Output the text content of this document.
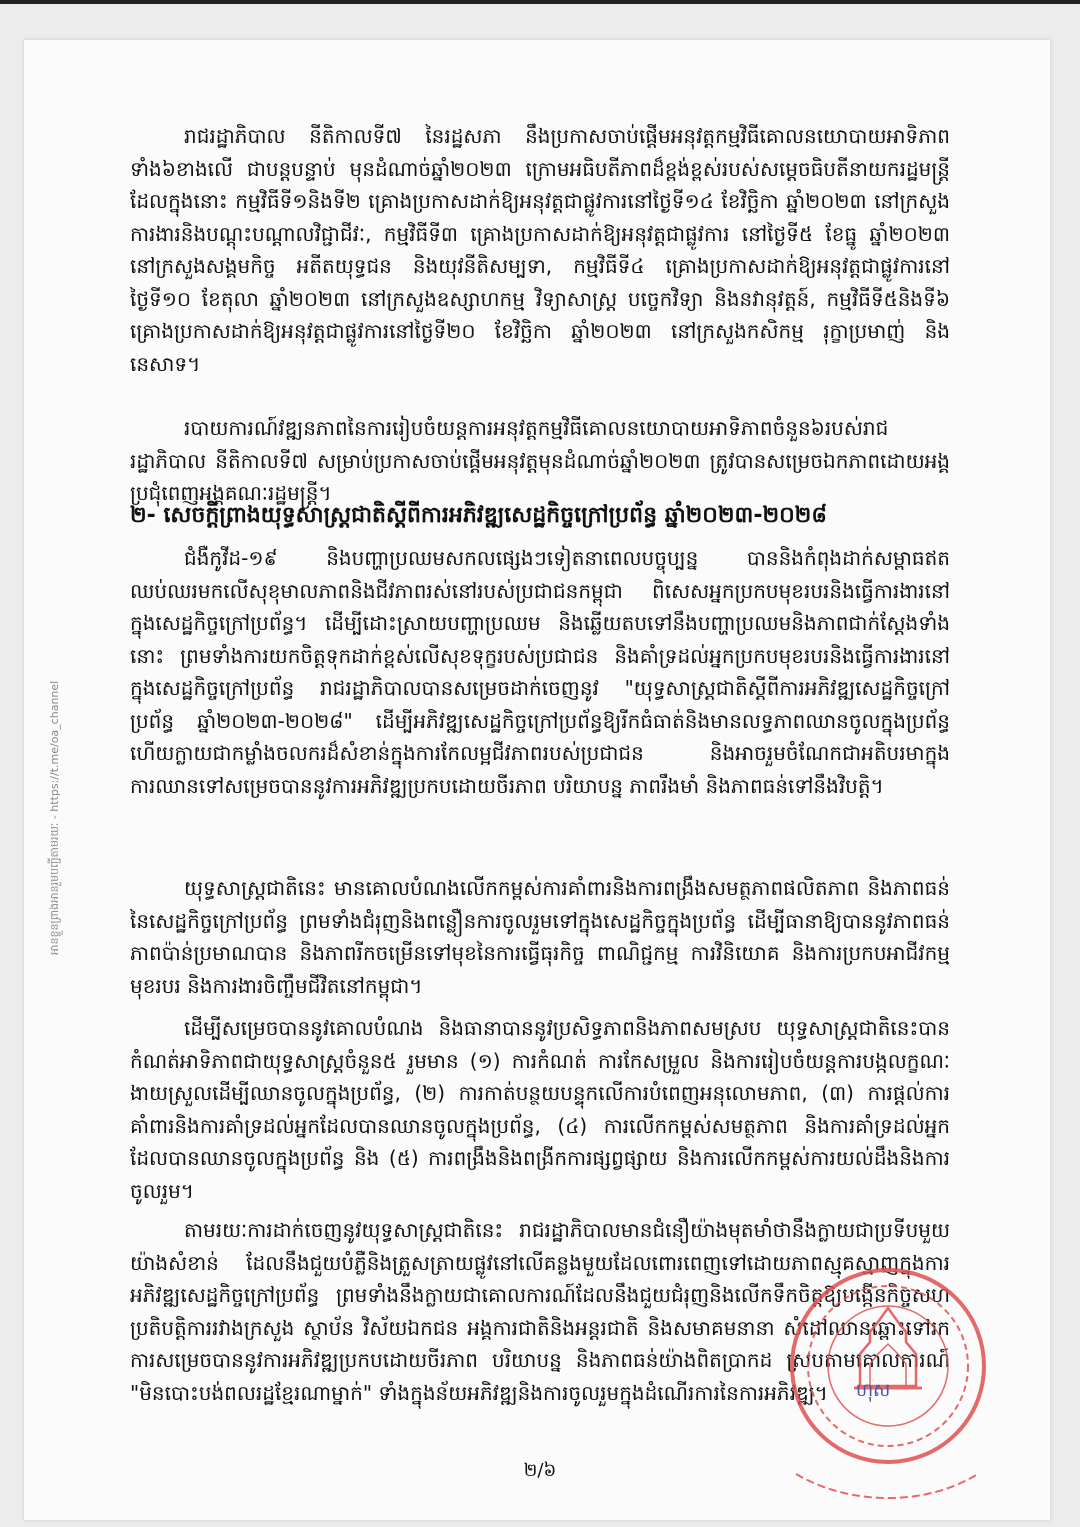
អានខ្លួនព្រាងអានរួមបញ្ជីតាមរយៈ - https://t.me/oa_channel

រាជរដ្ឋាភិបាល នីតិកាលទី៧ នៃរដ្ឋសភា នឹងប្រកាសចាប់ផ្តើមអនុវត្តកម្មវិធីគោលនយោបាយអាទិភាពទាំង៦ខាងលើ ជាបន្តបន្ទាប់ មុនដំណាច់ឆ្នាំ២០២៣ ក្រោមអធិបតីភាពដ៏ខ្ពង់ខ្ពស់របស់សម្តេចធិបតីនាយករដ្ឋមន្ត្រី ដែលក្នុងនោះ កម្មវិធីទី១និងទី២ គ្រោងប្រកាសដាក់ឱ្យអនុវត្តជាផ្លូវការនៅថ្ងៃទី១៤ ខែវិច្ឆិកា ឆ្នាំ២០២៣ នៅក្រសួងការងារនិងបណ្តុះបណ្តាលវិជ្ជាជីវៈ, កម្មវិធីទី៣ គ្រោងប្រកាសដាក់ឱ្យអនុវត្តជាផ្លូវការ នៅថ្ងៃទី៥ ខែធ្នូ ឆ្នាំ២០២៣ នៅក្រសួងសង្គមកិច្ច អតីតយុទ្ធជន និងយុវនីតិសម្បទា, កម្មវិធីទី៤ គ្រោងប្រកាសដាក់ឱ្យអនុវត្តជាផ្លូវការនៅថ្ងៃទី១០ ខែតុលា ឆ្នាំ២០២៣ នៅក្រសួងឧស្សាហកម្ម វិទ្យាសាស្ត្រ បច្ចេកវិទ្យា និងនវានុវត្តន៍, កម្មវិធីទី៥និងទី៦ គ្រោងប្រកាសដាក់ឱ្យអនុវត្តជាផ្លូវការនៅថ្ងៃទី២០ ខែវិច្ឆិកា ឆ្នាំ២០២៣ នៅក្រសួងកសិកម្ម រុក្ខាប្រមាញ់ និងនេសាទ។

របាយការណ៍វឌ្ឍនភាពនៃការរៀបចំយន្តការអនុវត្តកម្មវិធីគោលនយោបាយអាទិភាពចំនួន៦របស់រាជរដ្ឋាភិបាល នីតិកាលទី៧ សម្រាប់ប្រកាសចាប់ផ្តើមអនុវត្តមុនដំណាច់ឆ្នាំ២០២៣ ត្រូវបានសម្រេចឯកភាពដោយអង្គប្រជុំពេញអង្គគណៈរដ្ឋមន្ត្រី។

២- សេចក្តីព្រាងយុទ្ធសាស្ត្រជាតិស្តីពីការអភិវឌ្ឍសេដ្ឋកិច្ចក្រៅប្រព័ន្ធ ឆ្នាំ២០២៣-២០២៨

ជំងឺកូវីដ-១៩ និងបញ្ហាប្រឈមសកលផ្សេងៗទៀតនាពេលបច្ចុប្បន្ន បាននិងកំពុងដាក់សម្ពាធឥតឈប់ឈរមកលើសុខុមាលភាពនិងជីវភាពរស់នៅរបស់ប្រជាជនកម្ពុជា ពិសេសអ្នកប្រកបមុខរបរនិងធ្វើការងារនៅក្នុងសេដ្ឋកិច្ចក្រៅប្រព័ន្ធ។ ដើម្បីដោះស្រាយបញ្ហាប្រឈម និងឆ្លើយតបទៅនឹងបញ្ហាប្រឈមនិងភាពជាក់ស្តែងទាំងនោះ ព្រមទាំងការយកចិត្តទុកដាក់ខ្ពស់លើសុខទុក្ខរបស់ប្រជាជន និងគាំទ្រដល់អ្នកប្រកបមុខរបរនិងធ្វើការងារនៅក្នុងសេដ្ឋកិច្ចក្រៅប្រព័ន្ធ រាជរដ្ឋាភិបាលបានសម្រេចដាក់ចេញនូវ "យុទ្ធសាស្ត្រជាតិស្តីពីការអភិវឌ្ឍសេដ្ឋកិច្ចក្រៅប្រព័ន្ធ ឆ្នាំ២០២៣-២០២៨" ដើម្បីអភិវឌ្ឍសេដ្ឋកិច្ចក្រៅប្រព័ន្ធឱ្យរីកធំធាត់និងមានលទ្ធភាពឈានចូលក្នុងប្រព័ន្ធ ហើយក្លាយជាកម្លាំងចលករដ៏សំខាន់ក្នុងការកែលម្អជីវភាពរបស់ប្រជាជន និងអាចរួមចំណែកជាអតិបរមាក្នុងការឈានទៅសម្រេចបាននូវការអភិវឌ្ឍប្រកបដោយចីរភាព បរិយាបន្ន ភាពរឹងមាំ និងភាពធន់ទៅនឹងវិបត្តិ។

យុទ្ធសាស្ត្រជាតិនេះ មានគោលបំណងលើកកម្ពស់ការគាំពារនិងការពង្រឹងសមត្ថភាពផលិតភាព និងភាពធន់នៃសេដ្ឋកិច្ចក្រៅប្រព័ន្ធ ព្រមទាំងជំរុញនិងពន្លឿនការចូលរួមទៅក្នុងសេដ្ឋកិច្ចក្នុងប្រព័ន្ធ ដើម្បីធានាឱ្យបាននូវភាពធន់ ភាពប៉ាន់ប្រមាណបាន និងភាពរីកចម្រើនទៅមុខនៃការធ្វើធុរកិច្ច ពាណិជ្ជកម្ម ការវិនិយោគ និងការប្រកបអាជីវកម្ម មុខរបរ និងការងារចិញ្ចឹមជីវិតនៅកម្ពុជា។

ដើម្បីសម្រេចបាននូវគោលបំណង និងធានាបាននូវប្រសិទ្ធភាពនិងភាពសមស្រប យុទ្ធសាស្ត្រជាតិនេះបានកំណត់អាទិភាពជាយុទ្ធសាស្ត្រចំនួន៥ រួមមាន (១) ការកំណត់ ការកែសម្រួល និងការរៀបចំយន្តការបង្កលក្ខណៈងាយស្រួលដើម្បីឈានចូលក្នុងប្រព័ន្ធ, (២) ការកាត់បន្ថយបន្ទុកលើការបំពេញអនុលោមភាព, (៣) ការផ្តល់ការគាំពារនិងការគាំទ្រដល់អ្នកដែលបានឈានចូលក្នុងប្រព័ន្ធ, (៤) ការលើកកម្ពស់សមត្ថភាព និងការគាំទ្រដល់អ្នកដែលបានឈានចូលក្នុងប្រព័ន្ធ និង (៥) ការពង្រឹងនិងពង្រីកការផ្សព្វផ្សាយ និងការលើកកម្ពស់ការយល់ដឹងនិងការចូលរួម។

តាមរយៈការដាក់ចេញនូវយុទ្ធសាស្ត្រជាតិនេះ រាជរដ្ឋាភិបាលមានជំនឿយ៉ាងមុតមាំថានឹងក្លាយជាប្រទីបមួយយ៉ាងសំខាន់ ដែលនឹងជួយបំភ្លឺនិងត្រួសត្រាយផ្លូវនៅលើគន្លងមួយដែលពោរពេញទៅដោយភាពស្មុគស្មាញក្នុងការអភិវឌ្ឍសេដ្ឋកិច្ចក្រៅប្រព័ន្ធ ព្រមទាំងនឹងក្លាយជាគោលការណ៍ដែលនឹងជួយជំរុញនិងលើកទឹកចិត្តឱ្យបង្កើនកិច្ចសហប្រតិបត្តិការរវាងក្រសួង ស្ថាប័ន វិស័យឯកជន អង្គការជាតិនិងអន្តរជាតិ និងសមាគមនានា សំដៅឈានឆ្ពោះទៅរកការសម្រេចបាននូវការអភិវឌ្ឍប្រកបដោយចីរភាព បរិយាបន្ន និងភាពធន់យ៉ាងពិតប្រាកដ ស្របតាមគោលការណ៍ "មិនបោះបង់ពលរដ្ឋខ្មែរណាម្នាក់" ទាំងក្នុងន័យអភិវឌ្ឍនិងការចូលរួមក្នុងដំណើរការនៃការអភិវឌ្ឍ។	ហុស
២/៦
